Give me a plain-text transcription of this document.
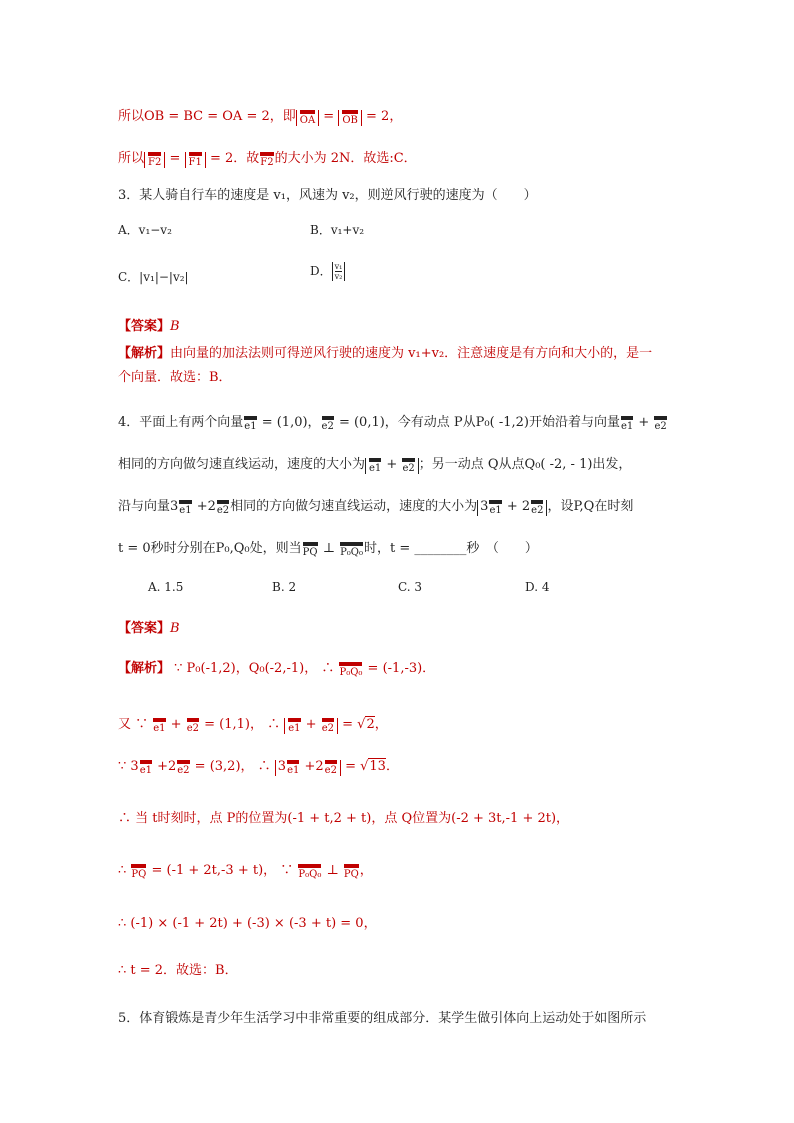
所以OB = BC = OA = 2，即 OA = OB = 2，
所以 F2 = F1 = 2．故F2的大小为 2N．故选:C．
3．某人骑自行车的速度是 v₁，风速为 v₂，则逆风行驶的速度为（　　）
A．v₁−v₂	B．v₁+v₂
C．|v₁|−|v₂|	D． $\frac{\text{v₁}}{\text{v₂}}$
【答案】B
【解析】由向量的加法法则可得逆风行驶的速度为 v₁+v₂．注意速度是有方向和大小的，是一
个向量．故选：B．
4．平面上有两个向量e1 = (1,0)，e2 = (0,1)，今有动点 P从P₀( -1,2)开始沿着与向量e1 + e2
相同的方向做匀速直线运动，速度的大小为 e1 + e2 ；另一动点 Q从点Q₀( -2, - 1)出发，
沿与向量3e1 +2e2相同的方向做匀速直线运动，速度的大小为 3e1 + 2e2 ，设P,Q在时刻
t = 0秒时分别在P₀,Q₀处，则当PQ ⊥ P₀Q₀时，t = ________秒　（　　）
A. 1.5	B. 2	C. 3	D. 4
【答案】B
【解析】 ∵ P₀(-1,2)，Q₀(-2,-1)， ∴ P₀Q₀ = (-1,-3)．
又 ∵ e1 + e2 = (1,1)， ∴ e1 + e2 = √2，
∵ 3e1 +2e2 = (3,2)， ∴ 3e1 +2e2 = √13．
∴ 当 t时刻时，点 P的位置为(-1 + t,2 + t)，点 Q位置为(-2 + 3t,-1 + 2t)，
∴ PQ = (-1 + 2t,-3 + t)， ∵ P₀Q₀ ⊥ PQ，
∴ (-1) × (-1 + 2t) + (-3) × (-3 + t) = 0，
∴ t = 2．故选：B．
5．体育锻炼是青少年生活学习中非常重要的组成部分．某学生做引体向上运动处于如图所示
